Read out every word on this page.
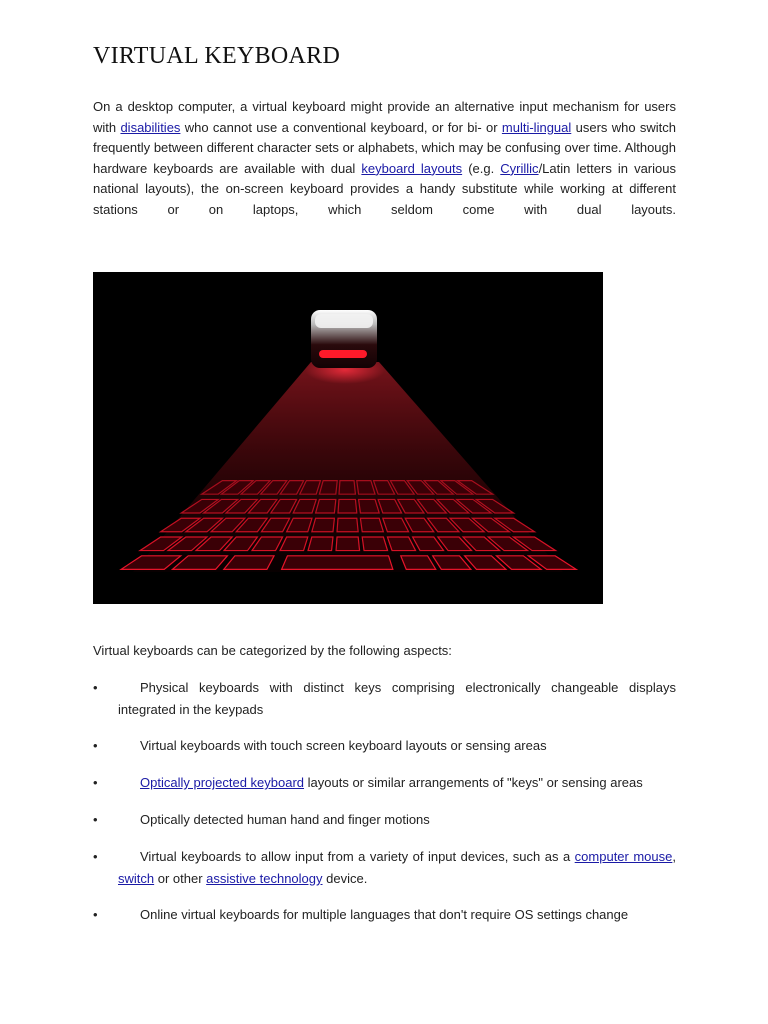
VIRTUAL KEYBOARD

On a desktop computer, a virtual keyboard might provide an alternative input mechanism for users with disabilities who cannot use a conventional keyboard, or for bi- or multi-lingual users who switch frequently between different character sets or alphabets, which may be confusing over time. Although hardware keyboards are available with dual keyboard layouts (e.g. Cyrillic/Latin letters in various national layouts), the on-screen keyboard provides a handy substitute while working at different stations or on laptops, which seldom come with dual layouts.

Virtual keyboards can be categorized by the following aspects:

•	Physical keyboards with distinct keys comprising electronically changeable displays integrated in the keypads
•	Virtual keyboards with touch screen keyboard layouts or sensing areas
•	Optically projected keyboard layouts or similar arrangements of "keys" or sensing areas
•	Optically detected human hand and finger motions
•	Virtual keyboards to allow input from a variety of input devices, such as a computer mouse, switch or other assistive technology device.
•	Online virtual keyboards for multiple languages that don't require OS settings change
